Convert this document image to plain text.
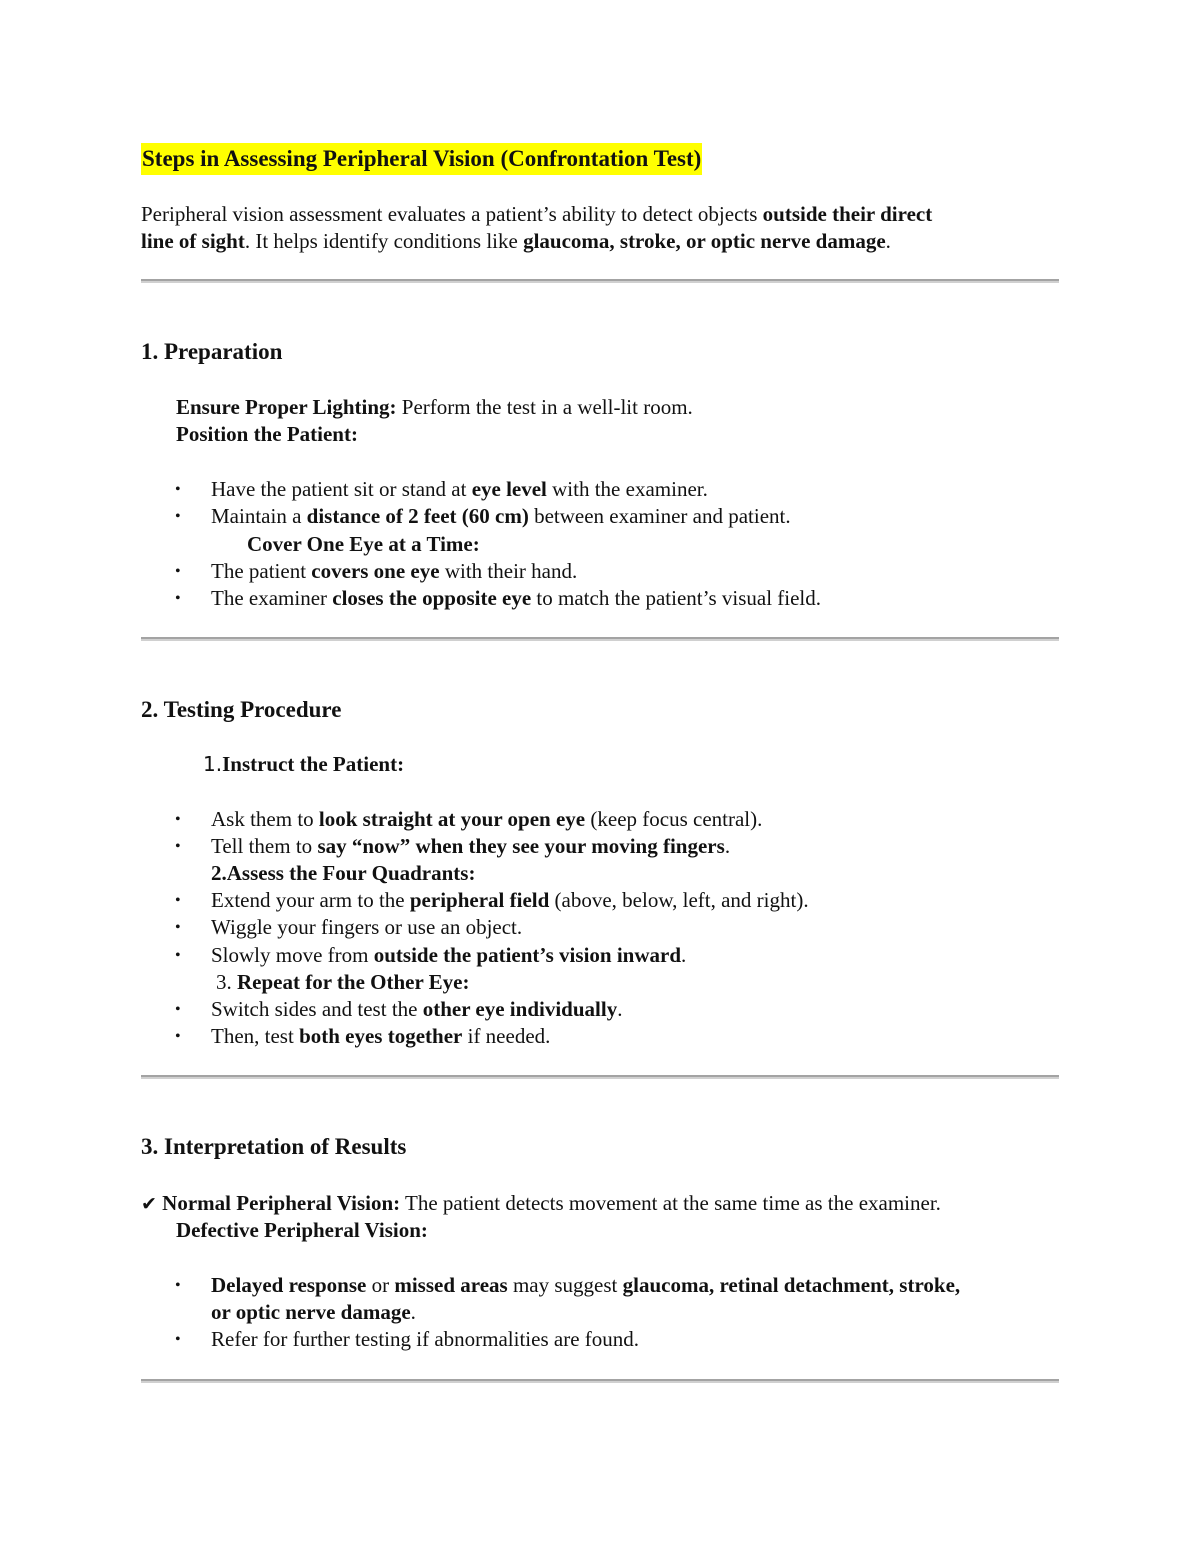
Steps in Assessing Peripheral Vision (Confrontation Test)
Peripheral vision assessment evaluates a patient’s ability to detect objects outside their direct
line of sight. It helps identify conditions like glaucoma, stroke, or optic nerve damage.
1. Preparation
Ensure Proper Lighting: Perform the test in a well-lit room.
Position the Patient:
• Have the patient sit or stand at eye level with the examiner.
• Maintain a distance of 2 feet (60 cm) between examiner and patient.
Cover One Eye at a Time:
• The patient covers one eye with their hand.
• The examiner closes the opposite eye to match the patient’s visual field.
2. Testing Procedure
1.Instruct the Patient:
• Ask them to look straight at your open eye (keep focus central).
• Tell them to say “now” when they see your moving fingers.
2.Assess the Four Quadrants:
• Extend your arm to the peripheral field (above, below, left, and right).
• Wiggle your fingers or use an object.
• Slowly move from outside the patient’s vision inward.
3. Repeat for the Other Eye:
• Switch sides and test the other eye individually.
• Then, test both eyes together if needed.
3. Interpretation of Results
✔ Normal Peripheral Vision: The patient detects movement at the same time as the examiner.
Defective Peripheral Vision:
• Delayed response or missed areas may suggest glaucoma, retinal detachment, stroke,
or optic nerve damage.
• Refer for further testing if abnormalities are found.
